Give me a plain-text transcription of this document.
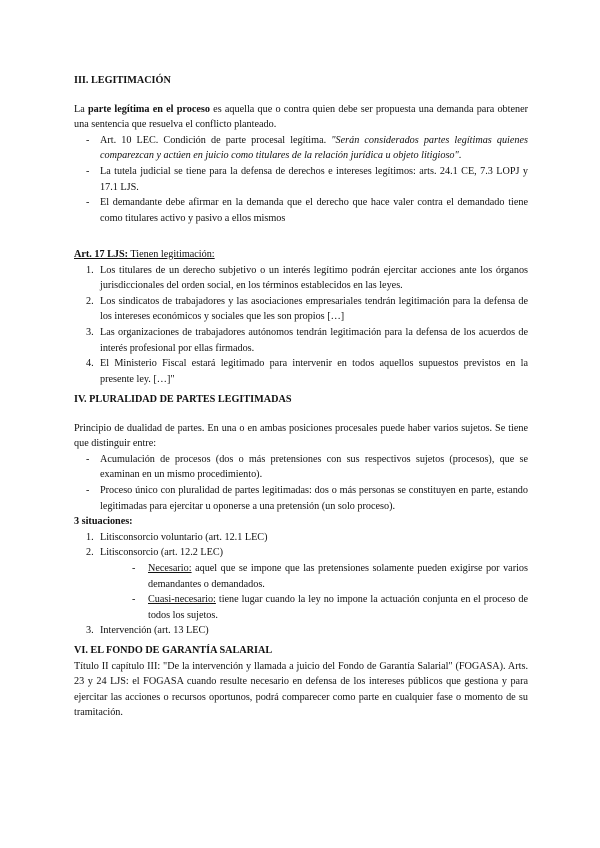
III. LEGITIMACIÓN

La parte legítima en el proceso es aquella que o contra quien debe ser propuesta una demanda para obtener una sentencia que resuelva el conflicto planteado.

- Art. 10 LEC. Condición de parte procesal legítima. "Serán considerados partes legítimas quienes comparezcan y actúen en juicio como titulares de la relación jurídica u objeto litigioso".
- La tutela judicial se tiene para la defensa de derechos e intereses legítimos: arts. 24.1 CE, 7.3 LOPJ y 17.1 LJS.
- El demandante debe afirmar en la demanda que el derecho que hace valer contra el demandado tiene como titulares activo y pasivo a ellos mismos

Art. 17 LJS: Tienen legitimación:

1. Los titulares de un derecho subjetivo o un interés legítimo podrán ejercitar acciones ante los órganos jurisdiccionales del orden social, en los términos establecidos en las leyes.
2. Los sindicatos de trabajadores y las asociaciones empresariales tendrán legitimación para la defensa de los intereses económicos y sociales que les son propios […]
3. Las organizaciones de trabajadores autónomos tendrán legitimación para la defensa de los acuerdos de interés profesional por ellas firmados.
4. El Ministerio Fiscal estará legitimado para intervenir en todos aquellos supuestos previstos en la presente ley. […]"

IV. PLURALIDAD DE PARTES LEGITIMADAS

Principio de dualidad de partes. En una o en ambas posiciones procesales puede haber varios sujetos. Se tiene que distinguir entre:

- Acumulación de procesos (dos o más pretensiones con sus respectivos sujetos (procesos), que se examinan en un mismo procedimiento).
- Proceso único con pluralidad de partes legitimadas: dos o más personas se constituyen en parte, estando legitimadas para ejercitar u oponerse a una pretensión (un solo proceso).

3 situaciones:

1. Litisconsorcio voluntario (art. 12.1 LEC)
2. Litisconsorcio (art. 12.2 LEC)
- Necesario: aquel que se impone que las pretensiones solamente pueden exigirse por varios demandantes o demandados.
- Cuasi-necesario: tiene lugar cuando la ley no impone la actuación conjunta en el proceso de todos los sujetos.
3. Intervención (art. 13 LEC)

VI. EL FONDO DE GARANTÍA SALARIAL

Título II capítulo III: "De la intervención y llamada a juicio del Fondo de Garantía Salarial" (FOGASA). Arts. 23 y 24 LJS: el FOGASA cuando resulte necesario en defensa de los intereses públicos que gestiona y para ejercitar las acciones o recursos oportunos, podrá comparecer como parte en cualquier fase o momento de su tramitación.
